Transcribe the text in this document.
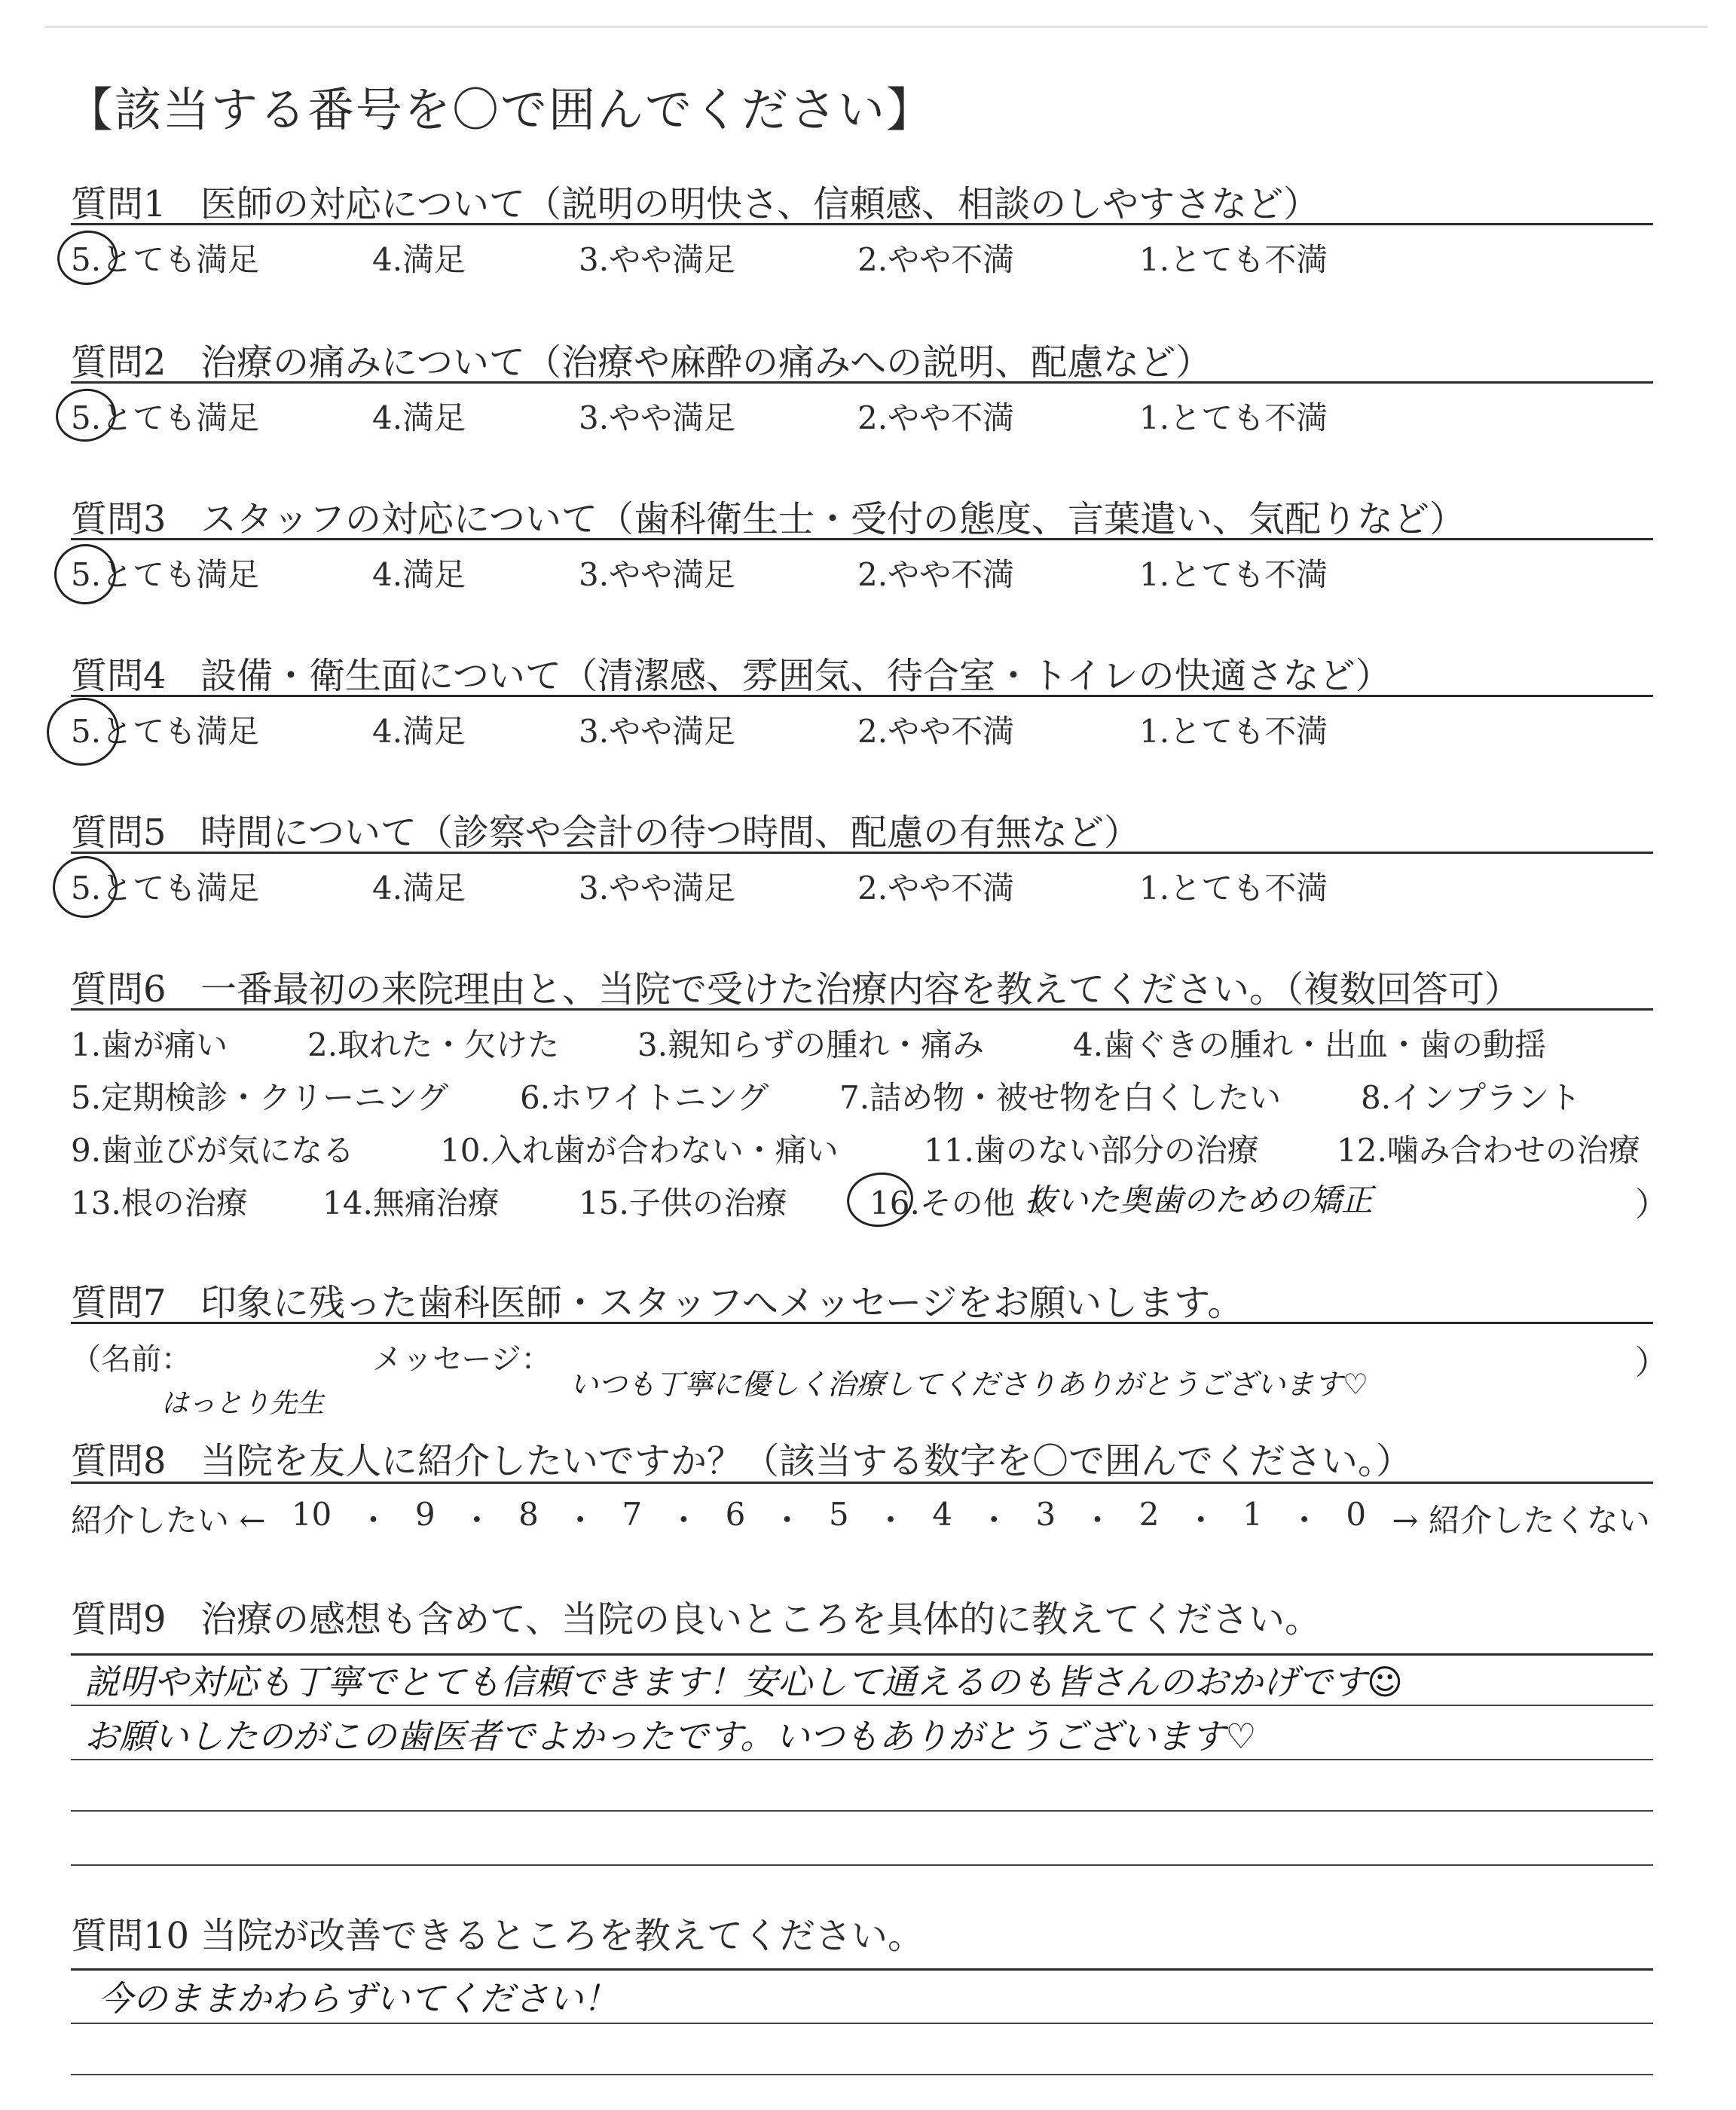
【該当する番号を〇で囲んでください】
質問1 医師の対応について（説明の明快さ、信頼感、相談のしやすさなど）
5.とても満足	4.満足	3.やや満足	2.やや不満	1.とても不満
質問2 治療の痛みについて（治療や麻酔の痛みへの説明、配慮など）
5.とても満足	4.満足	3.やや満足	2.やや不満	1.とても不満
質問3 スタッフの対応について（歯科衛生士・受付の態度、言葉遣い、気配りなど）
5.とても満足	4.満足	3.やや満足	2.やや不満	1.とても不満
質問4 設備・衛生面について（清潔感、雰囲気、待合室・トイレの快適さなど）
5.とても満足	4.満足	3.やや満足	2.やや不満	1.とても不満
質問5 時間について（診察や会計の待つ時間、配慮の有無など）
5.とても満足	4.満足	3.やや満足	2.やや不満	1.とても不満
質問6 一番最初の来院理由と、当院で受けた治療内容を教えてください。（複数回答可）
1.歯が痛い	2.取れた・欠けた 3.親知らずの腫れ・痛み	4.歯ぐきの腫れ・出血・歯の動揺
5.定期検診・クリーニング 6.ホワイトニング 7.詰め物・被せ物を白くしたい	8.インプラント
9.歯並びが気になる	10.入れ歯が合わない・痛い	11.歯のない部分の治療 12.噛み合わせの治療
13.根の治療 14.無痛治療	15.子供の治療	16.その他（
抜いた奥歯のための矯正	）
質問7 印象に残った歯科医師・スタッフへメッセージをお願いします。
（名前：	メッセージ：	）
はっとり先生
いつも丁寧に優しく治療してくださりありがとうございます♡
質問8 当院を友人に紹介したいですか？（該当する数字を〇で囲んでください。）
紹介したい ← 10 ・ 9 ・ 8 ・ 7 ・ 6 ・ 5 ・ 4 ・ 3 ・ 2 ・ 1 ・ 0 → 紹介したくない
質問9 治療の感想も含めて、当院の良いところを具体的に教えてください。
説明や対応も丁寧でとても信頼できます！安心して通えるのも皆さんのおかげです☺
お願いしたのがこの歯医者でよかったです。いつもありがとうございます♡
質問10 当院が改善できるところを教えてください。
今のままかわらずいてください！
